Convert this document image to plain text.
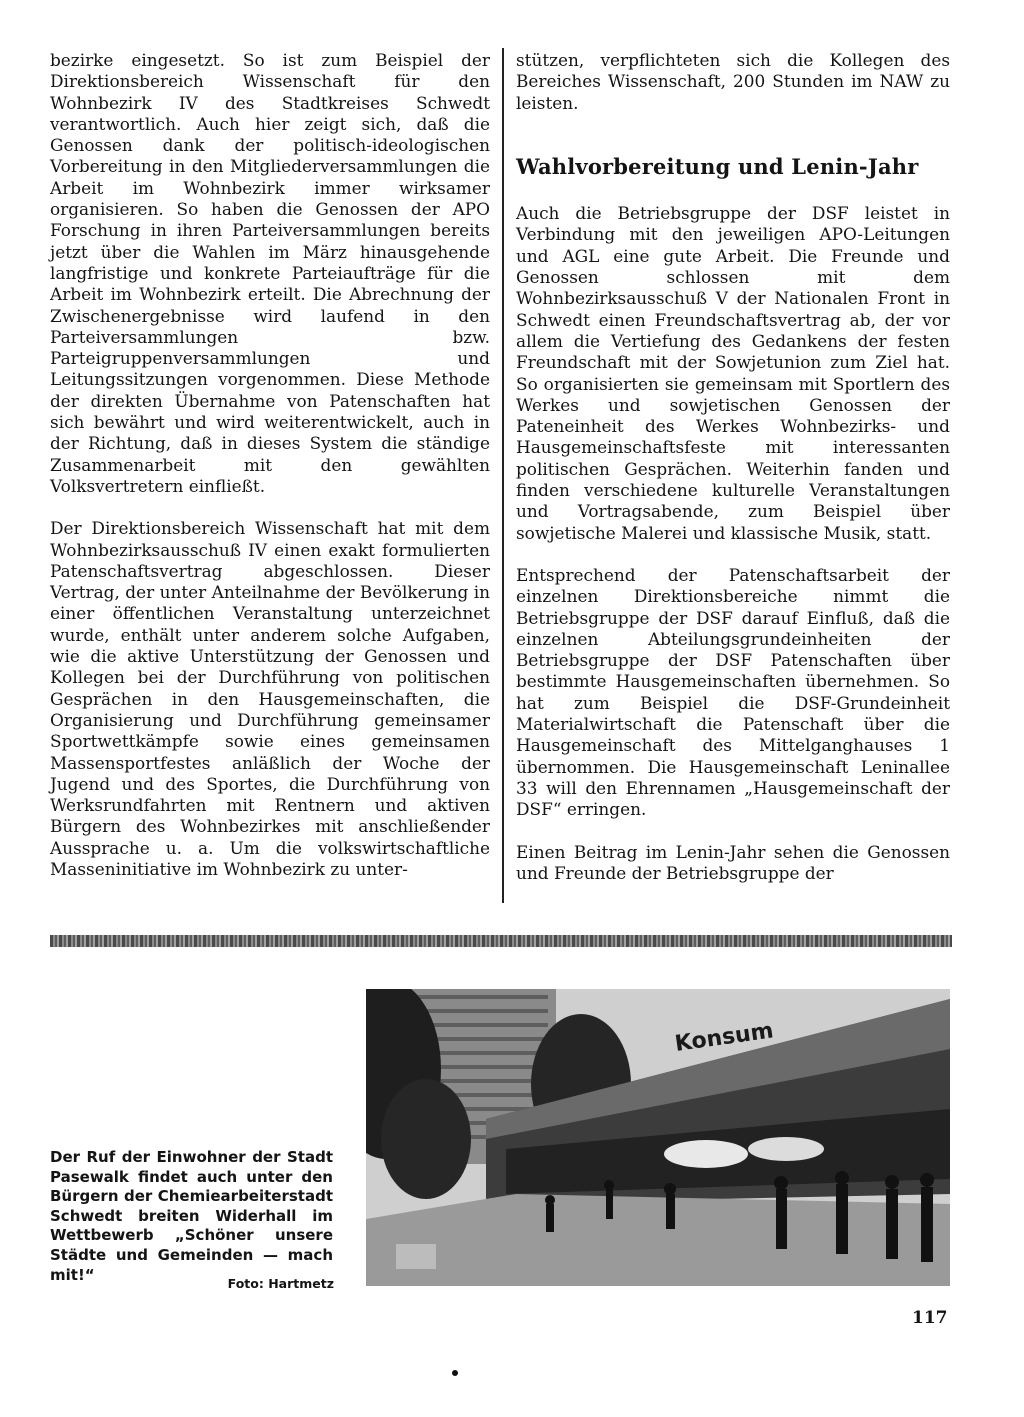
bezirke eingesetzt. So ist zum Beispiel der Direktionsbereich Wissenschaft für den Wohnbezirk IV des Stadtkreises Schwedt verantwortlich. Auch hier zeigt sich, daß die Genossen dank der politisch-ideologischen Vorbereitung in den Mitgliederversammlungen die Arbeit im Wohnbezirk immer wirksamer organisieren. So haben die Genossen der APO Forschung in ihren Parteiversammlungen bereits jetzt über die Wahlen im März hinausgehende langfristige und konkrete Parteiaufträge für die Arbeit im Wohnbezirk erteilt. Die Abrechnung der Zwischenergebnisse wird laufend in den Parteiversammlungen bzw. Parteigruppenversammlungen und Leitungssitzungen vorgenommen. Diese Methode der direkten Übernahme von Patenschaften hat sich bewährt und wird weiterentwickelt, auch in der Richtung, daß in dieses System die ständige Zusammenarbeit mit den gewählten Volksvertretern einfließt.

Der Direktionsbereich Wissenschaft hat mit dem Wohnbezirksausschuß IV einen exakt formulierten Patenschaftsvertrag abgeschlossen. Dieser Vertrag, der unter Anteilnahme der Bevölkerung in einer öffentlichen Veranstaltung unterzeichnet wurde, enthält unter anderem solche Aufgaben, wie die aktive Unterstützung der Genossen und Kollegen bei der Durchführung von politischen Gesprächen in den Hausgemeinschaften, die Organisierung und Durchführung gemeinsamer Sportwettkämpfe sowie eines gemeinsamen Massensportfestes anläßlich der Woche der Jugend und des Sportes, die Durchführung von Werksrundfahrten mit Rentnern und aktiven Bürgern des Wohnbezirkes mit anschließender Aussprache u. a. Um die volkswirtschaftliche Masseninitiative im Wohnbezirk zu unter-

stützen, verpflichteten sich die Kollegen des Bereiches Wissenschaft, 200 Stunden im NAW zu leisten.

Wahlvorbereitung und Lenin-Jahr

Auch die Betriebsgruppe der DSF leistet in Verbindung mit den jeweiligen APO-Leitungen und AGL eine gute Arbeit. Die Freunde und Genossen schlossen mit dem Wohnbezirksausschuß V der Nationalen Front in Schwedt einen Freundschaftsvertrag ab, der vor allem die Vertiefung des Gedankens der festen Freundschaft mit der Sowjetunion zum Ziel hat. So organisierten sie gemeinsam mit Sportlern des Werkes und sowjetischen Genossen der Pateneinheit des Werkes Wohnbezirks- und Hausgemeinschaftsfeste mit interessanten politischen Gesprächen. Weiterhin fanden und finden verschiedene kulturelle Veranstaltungen und Vortragsabende, zum Beispiel über sowjetische Malerei und klassische Musik, statt.

Entsprechend der Patenschaftsarbeit der einzelnen Direktionsbereiche nimmt die Betriebsgruppe der DSF darauf Einfluß, daß die einzelnen Abteilungsgrundeinheiten der Betriebsgruppe der DSF Patenschaften über bestimmte Hausgemeinschaften übernehmen. So hat zum Beispiel die DSF-Grundeinheit Materialwirtschaft die Patenschaft über die Hausgemeinschaft des Mittelganghauses 1 übernommen. Die Hausgemeinschaft Leninallee 33 will den Ehrennamen „Hausgemeinschaft der DSF“ erringen.

Einen Beitrag im Lenin-Jahr sehen die Genossen und Freunde der Betriebsgruppe der

Der Ruf der Einwohner der Stadt Pasewalk findet auch unter den Bürgern der Chemiearbeiterstadt Schwedt breiten Widerhall im Wettbewerb „Schöner unsere Städte und Gemeinden — mach mit!“	Foto: Hartmetz
Konsum
117
